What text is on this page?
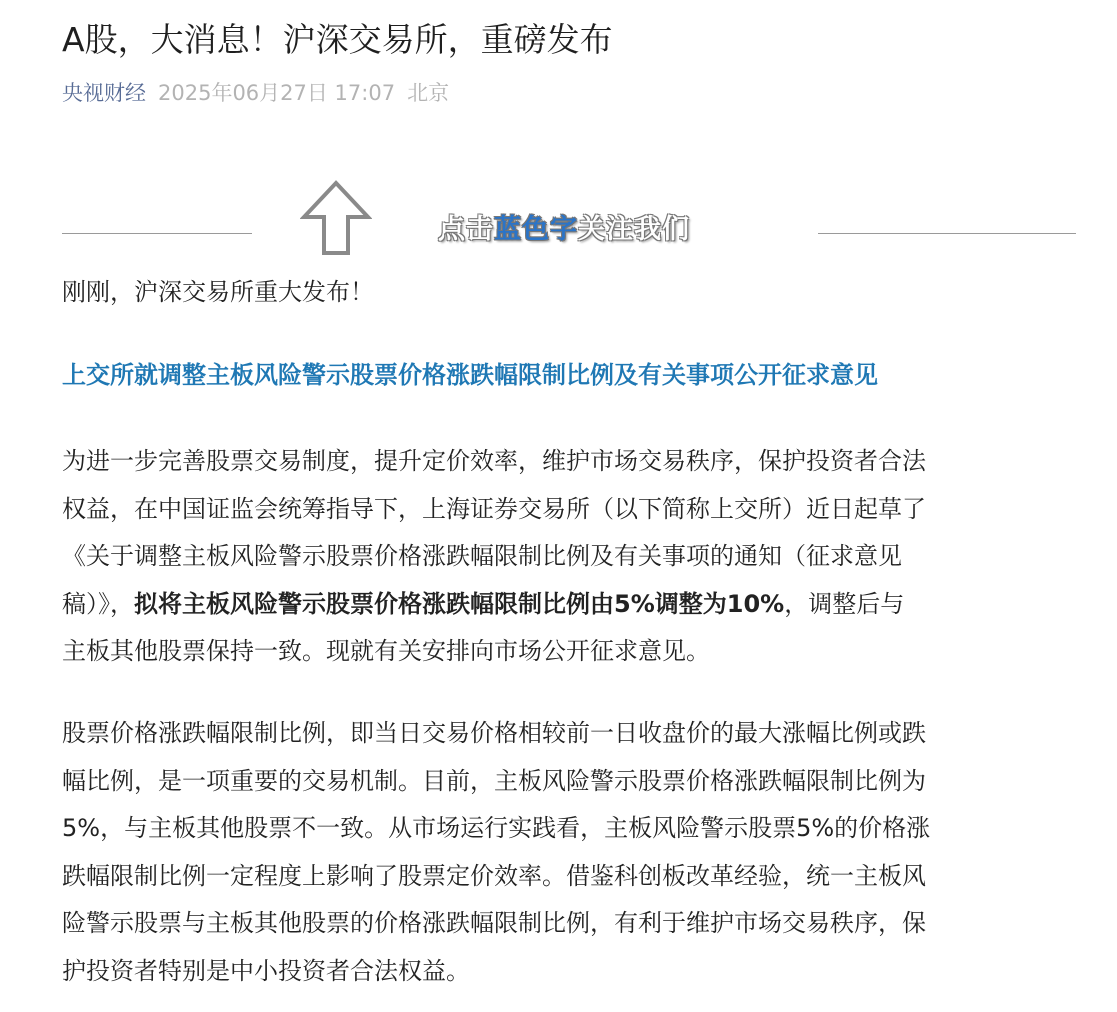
A股，大消息！沪深交易所，重磅发布
央视财经 2025年06月27日 17:07 北京
点击蓝色字关注我们

刚刚，沪深交易所重大发布！

上交所就调整主板风险警示股票价格涨跌幅限制比例及有关事项公开征求意见

为进一步完善股票交易制度，提升定价效率，维护市场交易秩序，保护投资者合法
权益，在中国证监会统筹指导下，上海证券交易所（以下简称上交所）近日起草了
《关于调整主板风险警示股票价格涨跌幅限制比例及有关事项的通知（征求意见
稿）》，拟将主板风险警示股票价格涨跌幅限制比例由5%调整为10%，调整后与
主板其他股票保持一致。现就有关安排向市场公开征求意见。

股票价格涨跌幅限制比例，即当日交易价格相较前一日收盘价的最大涨幅比例或跌
幅比例，是一项重要的交易机制。目前，主板风险警示股票价格涨跌幅限制比例为
5%，与主板其他股票不一致。从市场运行实践看，主板风险警示股票5%的价格涨
跌幅限制比例一定程度上影响了股票定价效率。借鉴科创板改革经验，统一主板风
险警示股票与主板其他股票的价格涨跌幅限制比例，有利于维护市场交易秩序，保
护投资者特别是中小投资者合法权益。
